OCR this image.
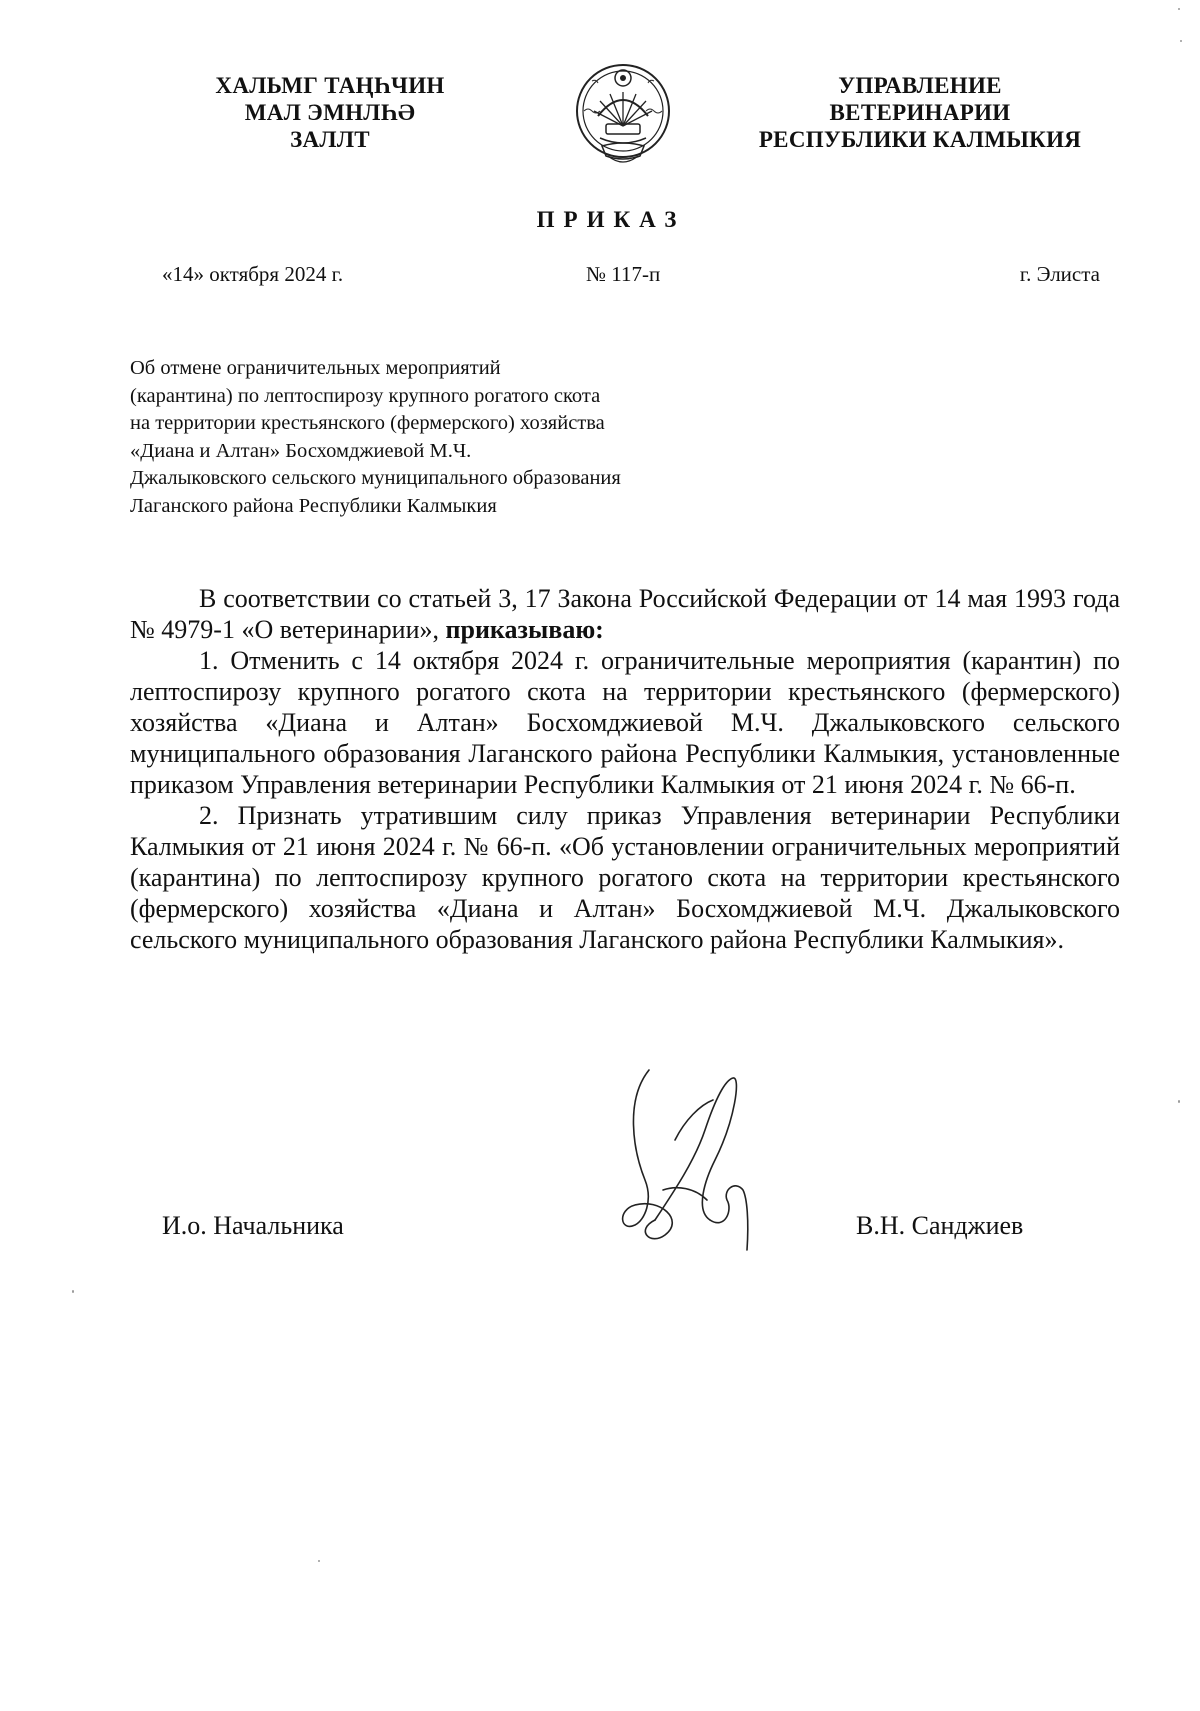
ХАЛЬМГ ТАҢҺЧИН
МАЛ ЭМНЛҺӘ
ЗАЛЛТ
УПРАВЛЕНИЕ
ВЕТЕРИНАРИИ
РЕСПУБЛИКИ КАЛМЫКИЯ
ПРИКАЗ
«14» октября 2024 г.	№ 117-п	г. Элиста
Об отмене ограничительных мероприятий
(карантина) по лептоспирозу крупного рогатого скота
на территории крестьянского (фермерского) хозяйства
«Диана и Алтан» Босхомджиевой М.Ч.
Джалыковского сельского муниципального образования
Лаганского района Республики Калмыкия

В соответствии со статьей 3, 17 Закона Российской Федерации от 14 мая 1993 года № 4979-1 «О ветеринарии», приказываю:

1. Отменить с 14 октября 2024 г. ограничительные мероприятия (карантин) по лептоспирозу крупного рогатого скота на территории крестьянского (фермерского) хозяйства «Диана и Алтан» Босхомджиевой М.Ч. Джалыковского сельского муниципального образования Лаганского района Республики Калмыкия, установленные приказом Управления ветеринарии Республики Калмыкия от 21 июня 2024 г. № 66-п.

2. Признать утратившим силу приказ Управления ветеринарии Республики Калмыкия от 21 июня 2024 г. № 66-п. «Об установлении ограничительных мероприятий (карантина) по лептоспирозу крупного рогатого скота на территории крестьянского (фермерского) хозяйства «Диана и Алтан» Босхомджиевой М.Ч. Джалыковского сельского муниципального образования Лаганского района Республики Калмыкия».

И.о. Начальника	В.Н. Санджиев
